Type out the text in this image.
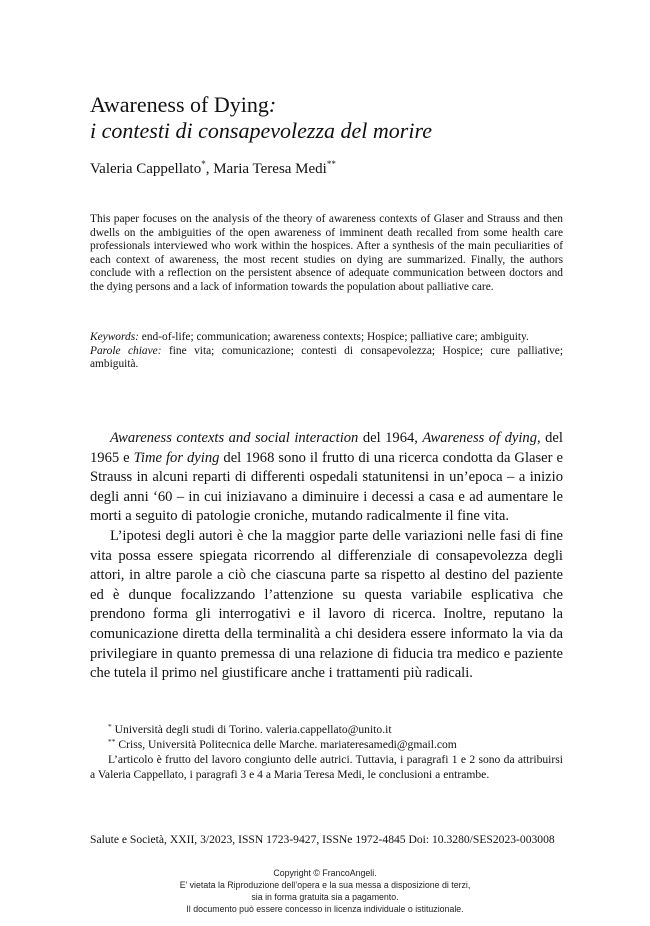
Awareness of Dying:
i contesti di consapevolezza del morire
Valeria Cappellato*, Maria Teresa Medi**

This paper focuses on the analysis of the theory of awareness contexts of Glaser and Strauss and then dwells on the ambiguities of the open awareness of imminent death recalled from some health care professionals interviewed who work within the hospices. After a synthesis of the main peculiarities of each context of awareness, the most recent studies on dying are summarized. Finally, the authors conclude with a reflection on the persistent absence of adequate communication between doctors and the dying persons and a lack of information towards the population about palliative care.

Keywords: end-of-life; communication; awareness contexts; Hospice; palliative care; ambiguity.

Parole chiave: fine vita; comunicazione; contesti di consapevolezza; Hospice; cure palliative; ambiguità.

Awareness contexts and social interaction del 1964, Awareness of dying, del 1965 e Time for dying del 1968 sono il frutto di una ricerca condotta da Glaser e Strauss in alcuni reparti di differenti ospedali statunitensi in un’epoca – a inizio degli anni ‘60 – in cui iniziavano a diminuire i decessi a casa e ad aumentare le morti a seguito di patologie croniche, mutando radicalmente il fine vita.

L’ipotesi degli autori è che la maggior parte delle variazioni nelle fasi di fine vita possa essere spiegata ricorrendo al differenziale di consapevolezza degli attori, in altre parole a ciò che ciascuna parte sa rispetto al destino del paziente ed è dunque focalizzando l’attenzione su questa variabile esplicativa che prendono forma gli interrogativi e il lavoro di ricerca. Inoltre, reputano la comunicazione diretta della terminalità a chi desidera essere informato la via da privilegiare in quanto premessa di una relazione di fiducia tra medico e paziente che tutela il primo nel giustificare anche i trattamenti più radicali.

* Università degli studi di Torino. valeria.cappellato@unito.it

** Criss, Università Politecnica delle Marche. mariateresamedi@gmail.com

L’articolo è frutto del lavoro congiunto delle autrici. Tuttavia, i paragrafi 1 e 2 sono da attribuirsi a Valeria Cappellato, i paragrafi 3 e 4 a Maria Teresa Medi, le conclusioni a entrambe.

Salute e Società, XXII, 3/2023, ISSN 1723-9427, ISSNe 1972-4845 Doi: 10.3280/SES2023-003008
Copyright © FrancoAngeli.
E’ vietata la Riproduzione dell’opera e la sua messa a disposizione di terzi,
sia in forma gratuita sia a pagamento.
Il documento può essere concesso in licenza individuale o istituzionale.
